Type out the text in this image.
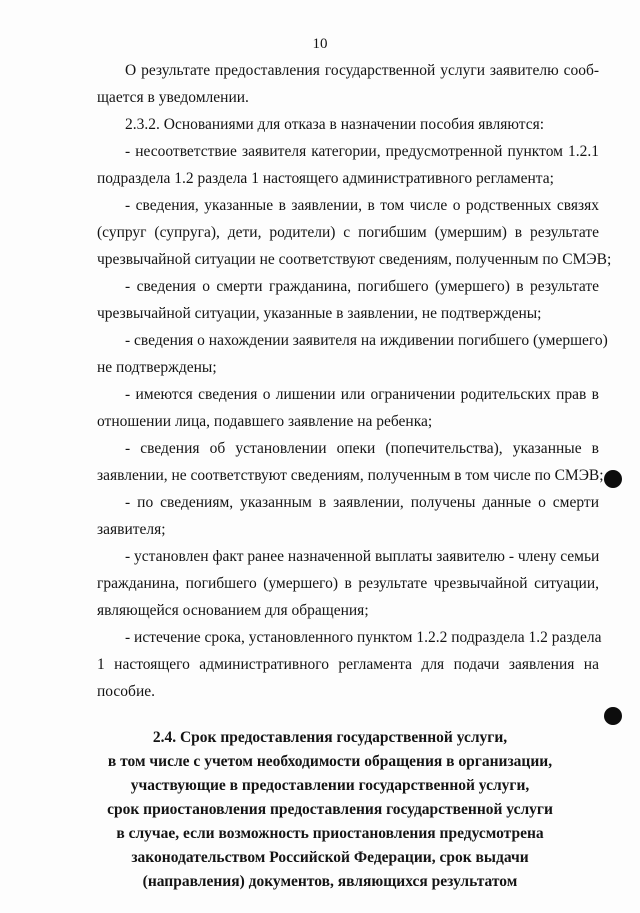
10
О результате предоставления государственной услуги заявителю сооб-
щается в уведомлении.
2.3.2. Основаниями для отказа в назначении пособия являются:
- несоответствие заявителя категории, предусмотренной пунктом 1.2.1
подраздела 1.2 раздела 1 настоящего административного регламента;
- сведения, указанные в заявлении, в том числе о родственных связях
(супруг (супруга), дети, родители) с погибшим (умершим) в результате
чрезвычайной ситуации не соответствуют сведениям, полученным по СМЭВ;
- сведения о смерти гражданина, погибшего (умершего) в результате
чрезвычайной ситуации, указанные в заявлении, не подтверждены;
- сведения о нахождении заявителя на иждивении погибшего (умершего)
не подтверждены;
- имеются сведения о лишении или ограничении родительских прав в
отношении лица, подавшего заявление на ребенка;
- сведения об установлении опеки (попечительства), указанные в
заявлении, не соответствуют сведениям, полученным в том числе по СМЭВ;
- по сведениям, указанным в заявлении, получены данные о смерти
заявителя;
- установлен факт ранее назначенной выплаты заявителю - члену семьи
гражданина, погибшего (умершего) в результате чрезвычайной ситуации,
являющейся основанием для обращения;
- истечение срока, установленного пунктом 1.2.2 подраздела 1.2 раздела
1 настоящего административного регламента для подачи заявления на
пособие.
2.4. Срок предоставления государственной услуги,
в том числе с учетом необходимости обращения в организации,
участвующие в предоставлении государственной услуги,
срок приостановления предоставления государственной услуги
в случае, если возможность приостановления предусмотрена
законодательством Российской Федерации, срок выдачи
(направления) документов, являющихся результатом
